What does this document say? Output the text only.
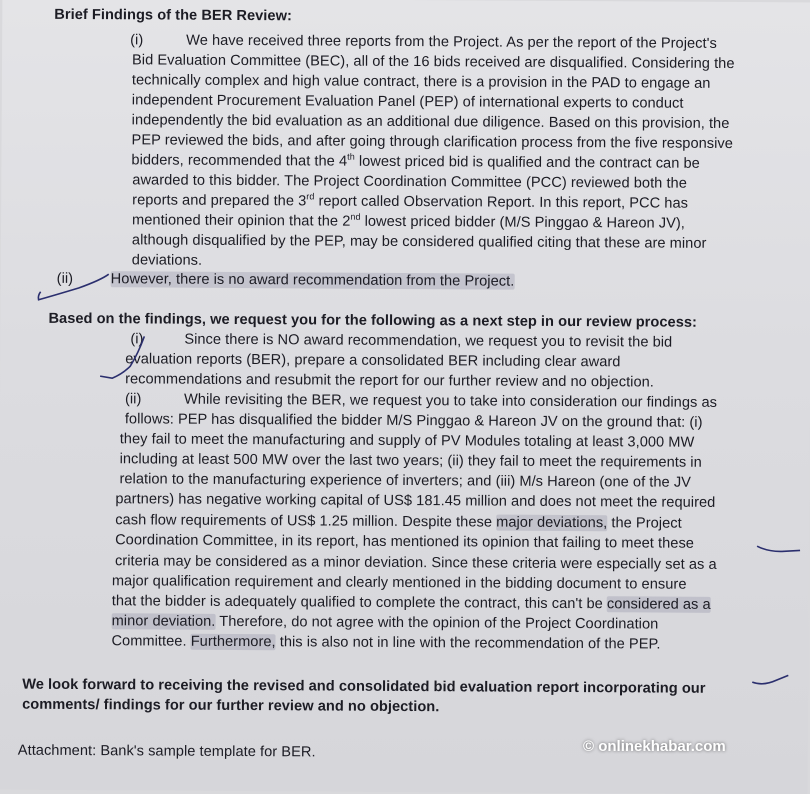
Brief Findings of the BER Review:
(i)	We have received three reports from the Project. As per the report of the Project's
Bid Evaluation Committee (BEC), all of the 16 bids received are disqualified. Considering the
technically complex and high value contract, there is a provision in the PAD to engage an
independent Procurement Evaluation Panel (PEP) of international experts to conduct
independently the bid evaluation as an additional due diligence. Based on this provision, the
PEP reviewed the bids, and after going through clarification process from the five responsive
bidders, recommended that the 4th lowest priced bid is qualified and the contract can be
awarded to this bidder. The Project Coordination Committee (PCC) reviewed both the
reports and prepared the 3rd report called Observation Report. In this report, PCC has
mentioned their opinion that the 2nd lowest priced bidder (M/S Pinggao & Hareon JV),
although disqualified by the PEP, may be considered qualified citing that these are minor
deviations.
(ii)	However, there is no award recommendation from the Project.
Based on the findings, we request you for the following as a next step in our review process:
(i)	Since there is NO award recommendation, we request you to revisit the bid
evaluation reports (BER), prepare a consolidated BER including clear award
recommendations and resubmit the report for our further review and no objection.
(ii)	While revisiting the BER, we request you to take into consideration our findings as
follows: PEP has disqualified the bidder M/S Pinggao & Hareon JV on the ground that: (i)
they fail to meet the manufacturing and supply of PV Modules totaling at least 3,000 MW
including at least 500 MW over the last two years; (ii) they fail to meet the requirements in
relation to the manufacturing experience of inverters; and (iii) M/s Hareon (one of the JV
partners) has negative working capital of US$ 181.45 million and does not meet the required
cash flow requirements of US$ 1.25 million. Despite these major deviations, the Project
Coordination Committee, in its report, has mentioned its opinion that failing to meet these
criteria may be considered as a minor deviation. Since these criteria were especially set as a
major qualification requirement and clearly mentioned in the bidding document to ensure
that the bidder is adequately qualified to complete the contract, this can't be considered as a
minor deviation. Therefore, do not agree with the opinion of the Project Coordination
Committee. Furthermore, this is also not in line with the recommendation of the PEP.
We look forward to receiving the revised and consolidated bid evaluation report incorporating our
comments/ findings for our further review and no objection.
Attachment: Bank's sample template for BER.	© onlinekhabar.com
